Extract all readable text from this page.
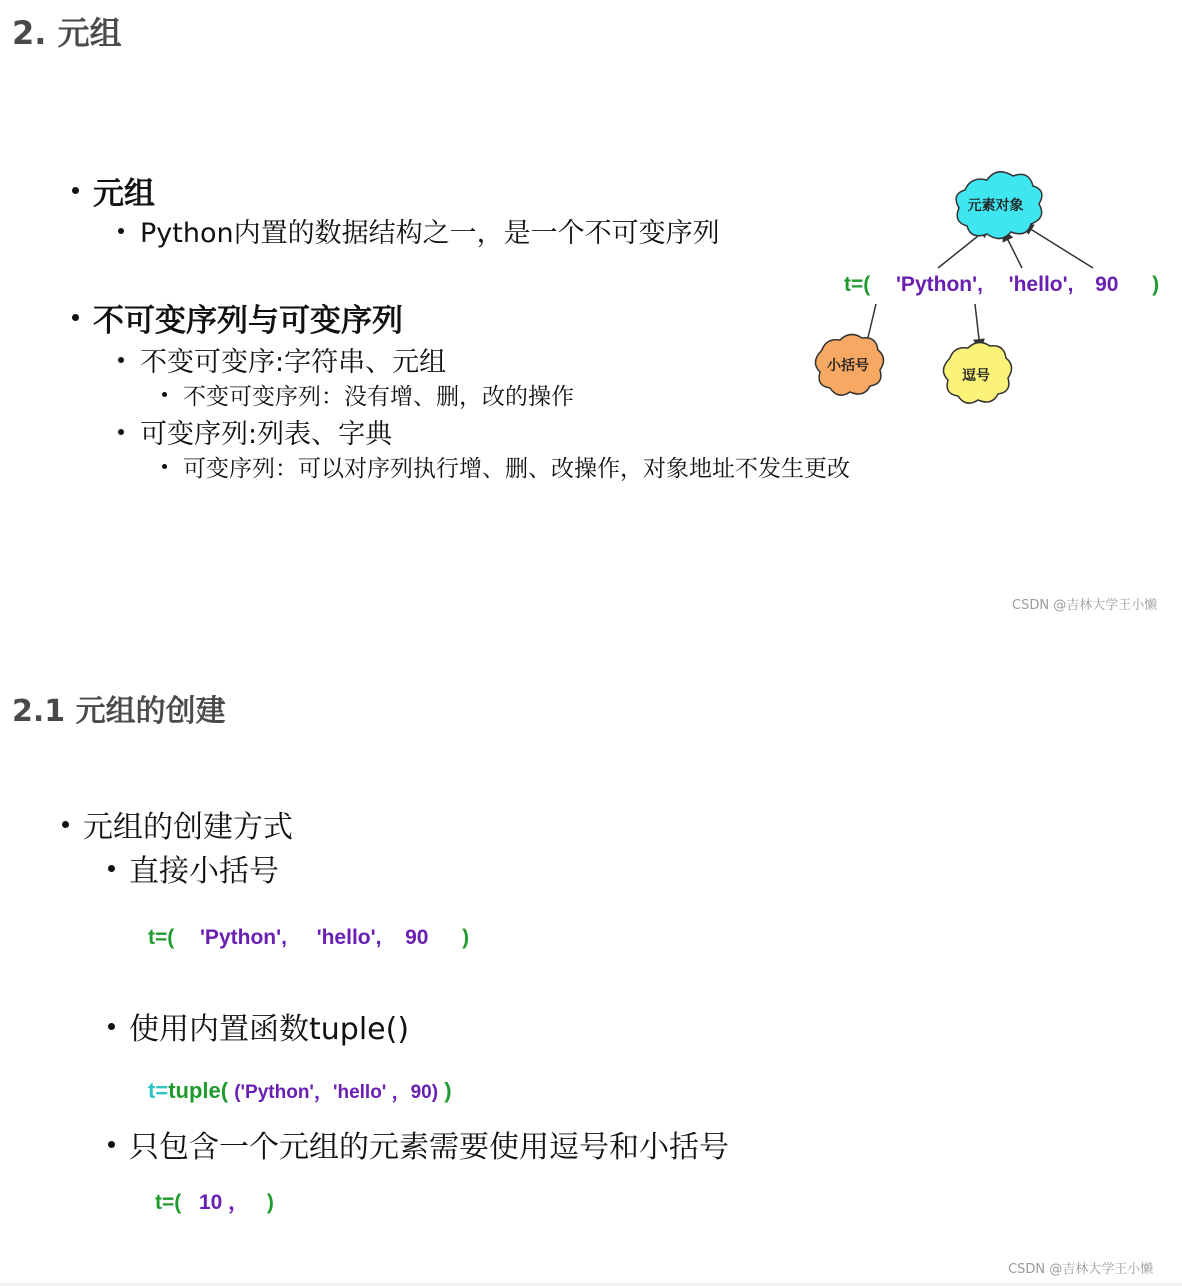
2. 元组
元组
Python内置的数据结构之一，是一个不可变序列
不可变序列与可变序列
不变可变序:字符串、元组
不变可变序列：没有增、删，改的操作
可变序列:列表、字典
可变序列：可以对序列执行增、删、改操作，对象地址不发生更改
元素对象
小括号
逗号
t=( 'Python', 'hello', 90 )
CSDN @吉林大学王小懒
2.1 元组的创建
元组的创建方式
直接小括号
t=( 'Python', 'hello', 90 )
使用内置函数tuple()
t=tuple( ('Python'，'hello' ，90) )
只包含一个元组的元素需要使用逗号和小括号
t=( 10 ， )
CSDN @吉林大学王小懒
